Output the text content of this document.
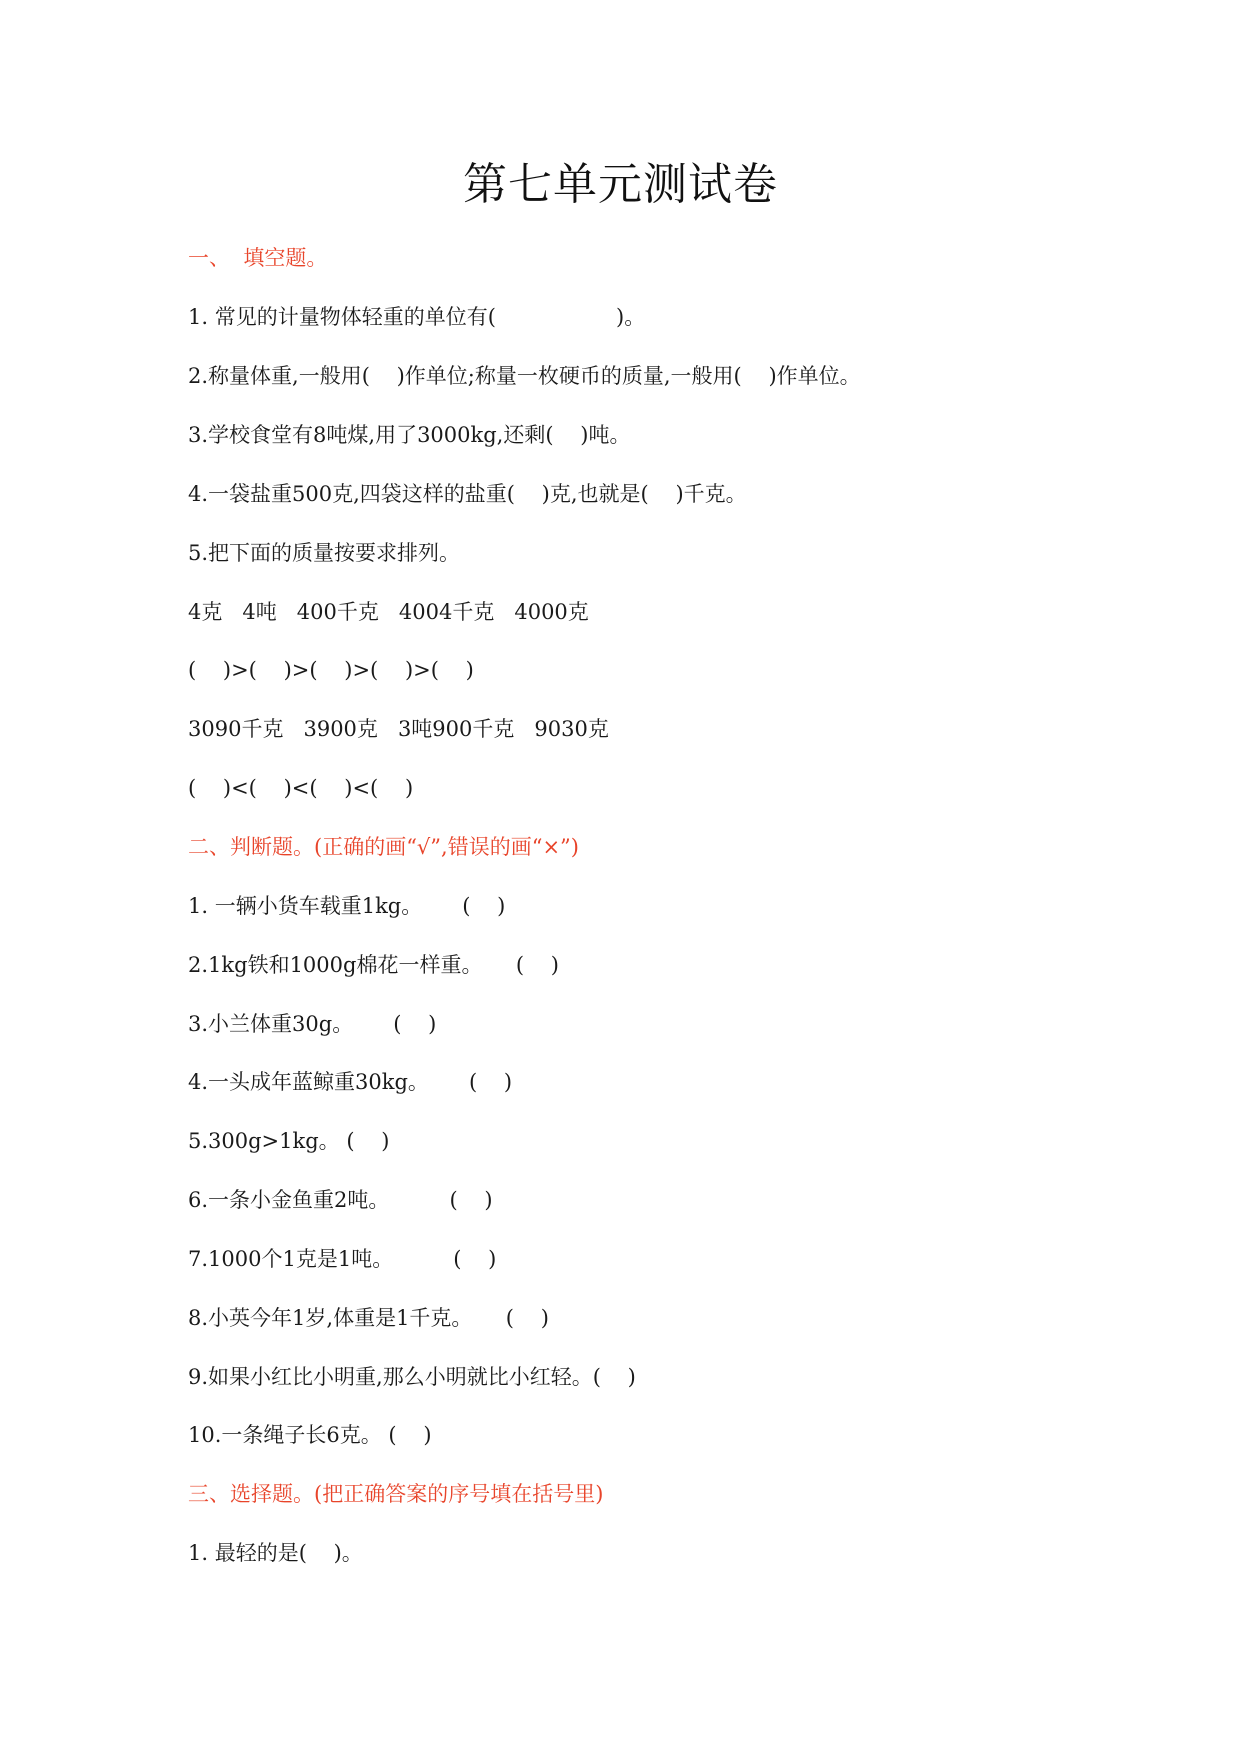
第七单元测试卷
一、  填空题。
1. 常见的计量物体轻重的单位有(                  )。
2.称量体重,一般用(    )作单位;称量一枚硬币的质量,一般用(    )作单位。
3.学校食堂有8吨煤,用了3000kg,还剩(    )吨。
4.一袋盐重500克,四袋这样的盐重(    )克,也就是(    )千克。
5.把下面的质量按要求排列。
4克   4吨   400千克   4004千克   4000克
(    )>(    )>(    )>(    )>(    )
3090千克   3900克   3吨900千克   9030克
(    )<(    )<(    )<(    )
二、判断题。(正确的画“√”,错误的画“×”)
1. 一辆小货车载重1kg。      (    )
2.1kg铁和1000g棉花一样重。     (    )
3.小兰体重30g。      (    )
4.一头成年蓝鲸重30kg。      (    )
5.300g>1kg。 (    )
6.一条小金鱼重2吨。         (    )
7.1000个1克是1吨。         (    )
8.小英今年1岁,体重是1千克。     (    )
9.如果小红比小明重,那么小明就比小红轻。(    )
10.一条绳子长6克。 (    )
三、选择题。(把正确答案的序号填在括号里)
1. 最轻的是(    )。
